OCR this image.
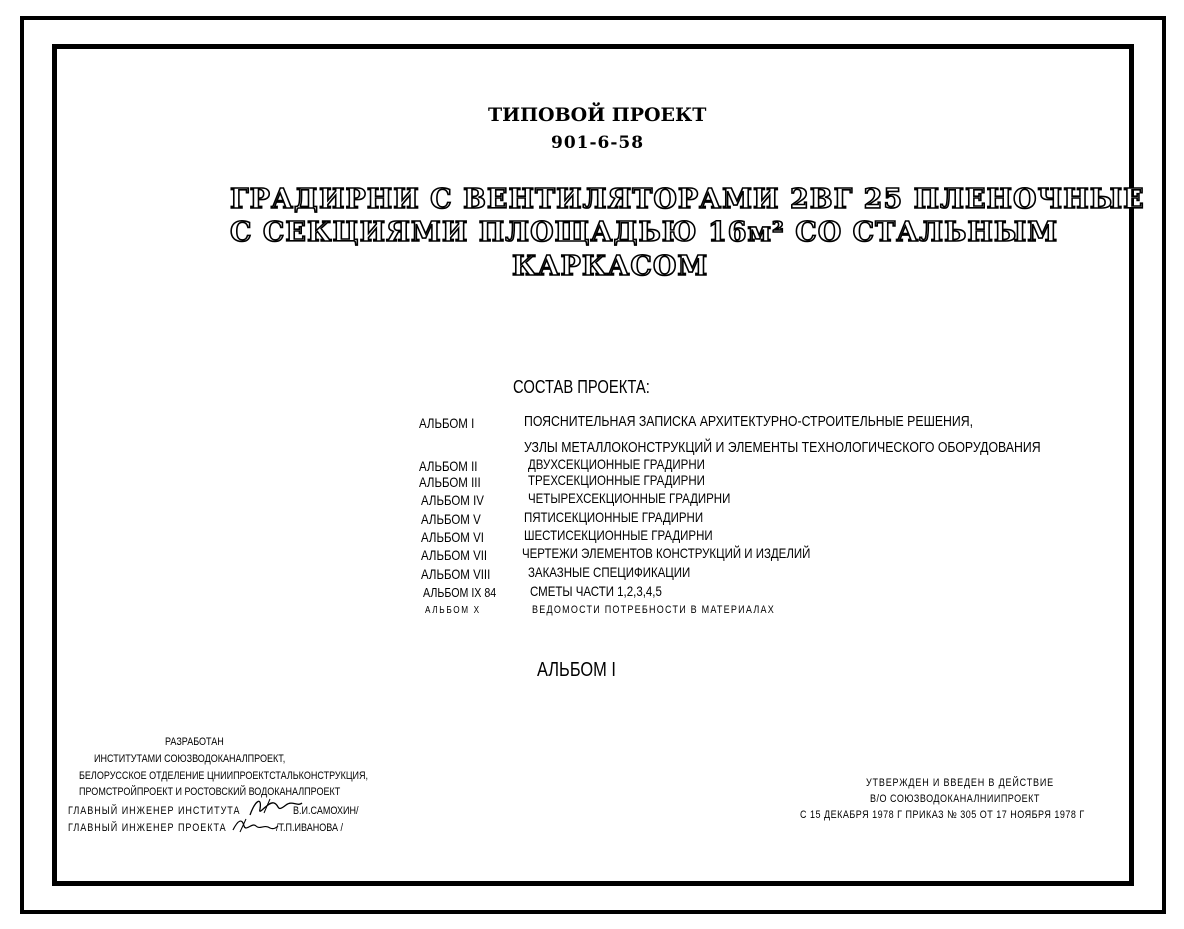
ТИПОВОЙ ПРОЕКТ
901-6-58
ГРАДИРНИ С ВЕНТИЛЯТОРАМИ 2ВГ 25 ПЛЕНОЧНЫЕ
С СЕКЦИЯМИ ПЛОЩАДЬЮ 16м² СО СТАЛЬНЫМ
КАРКАСОМ
СОСТАВ ПРОЕКТА:
АЛЬБОМ I	ПОЯСНИТЕЛЬНАЯ ЗАПИСКА АРХИТЕКТУРНО-СТРОИТЕЛЬНЫЕ РЕШЕНИЯ,
УЗЛЫ МЕТАЛЛОКОНСТРУКЦИЙ И ЭЛЕМЕНТЫ ТЕХНОЛОГИЧЕСКОГО ОБОРУДОВАНИЯ
АЛЬБОМ II	ДВУХСЕКЦИОННЫЕ ГРАДИРНИ
АЛЬБОМ III	ТРЕХСЕКЦИОННЫЕ ГРАДИРНИ
АЛЬБОМ IV	ЧЕТЫРЕХСЕКЦИОННЫЕ ГРАДИРНИ
АЛЬБОМ V	ПЯТИСЕКЦИОННЫЕ ГРАДИРНИ
АЛЬБОМ VI	ШЕСТИСЕКЦИОННЫЕ ГРАДИРНИ
АЛЬБОМ VII ЧЕРТЕЖИ ЭЛЕМЕНТОВ КОНСТРУКЦИЙ И ИЗДЕЛИЙ
АЛЬБОМ VIII	ЗАКАЗНЫЕ СПЕЦИФИКАЦИИ
АЛЬБОМ IX 84 СМЕТЫ ЧАСТИ 1,2,3,4,5
АЛЬБОМ X	ВЕДОМОСТИ ПОТРЕБНОСТИ В МАТЕРИАЛАХ
АЛЬБОМ I
РАЗРАБОТАН
ИНСТИТУТАМИ СОЮЗВОДОКАНАЛПРОЕКТ,
БЕЛОРУССКОЕ ОТДЕЛЕНИЕ ЦНИИПРОЕКТСТАЛЬКОНСТРУКЦИЯ,
ПРОМСТРОЙПРОЕКТ И РОСТОВСКИЙ ВОДОКАНАЛПРОЕКТ
ГЛАВНЫЙ ИНЖЕНЕР ИНСТИТУТА	В.И.САМОХИН/
ГЛАВНЫЙ ИНЖЕНЕР ПРОЕКТА	/Т.П.ИВАНОВА /
УТВЕРЖДЕН И ВВЕДЕН В ДЕЙСТВИЕ
В/О СОЮЗВОДОКАНАЛНИИПРОЕКТ
С 15 ДЕКАБРЯ 1978 Г ПРИКАЗ № 305 ОТ 17 НОЯБРЯ 1978 Г
